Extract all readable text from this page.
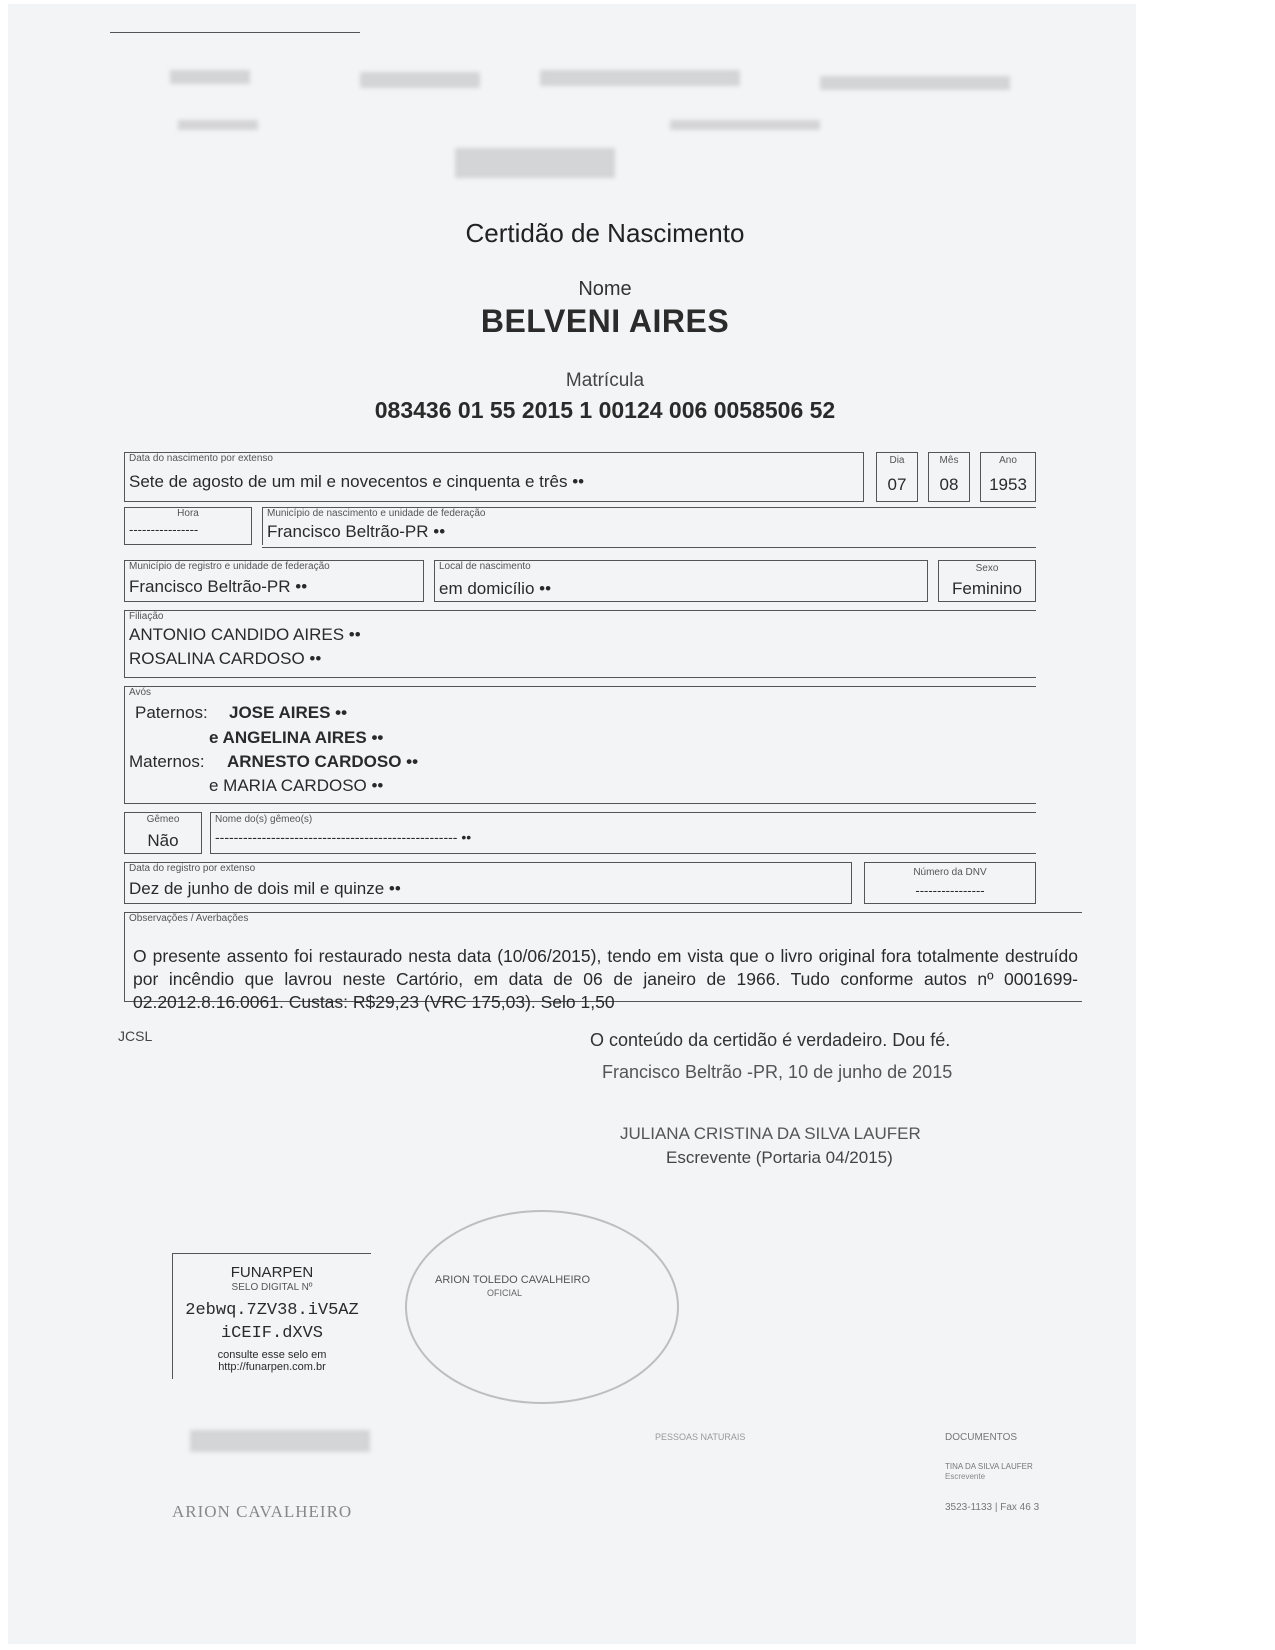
Certidão de Nascimento
Nome
BELVENI AIRES
Matrícula
083436 01 55 2015 1 00124 006 0058506 52
Data do nascimento por extenso
Sete de agosto de um mil e novecentos e cinquenta e três ••
Dia
07
Mês
08
Ano
1953
Hora
----------------
Município de nascimento e unidade de federação
Francisco Beltrão-PR ••
Município de registro e unidade de federação
Francisco Beltrão-PR ••
Local de nascimento
em domicílio ••
Sexo
Feminino
Filiação
ANTONIO CANDIDO AIRES ••
ROSALINA CARDOSO ••
Avós
Paternos: JOSE AIRES ••
e ANGELINA AIRES ••
Maternos: ARNESTO CARDOSO ••
e MARIA CARDOSO ••
Gêmeo
Não
Nome do(s) gêmeo(s)
---------------------------------------------------- ••
Data do registro por extenso
Dez de junho de dois mil e quinze ••
Número da DNV
----------------
Observações / Averbações
O presente assento foi restaurado nesta data (10/06/2015), tendo em vista que o livro original fora totalmente destruído por incêndio que lavrou neste Cartório, em data de 06 de janeiro de 1966. Tudo conforme autos nº 0001699-02.2012.8.16.0061. Custas: R$29,23 (VRC 175,03). Selo 1,50
JCSL	O conteúdo da certidão é verdadeiro. Dou fé.
Francisco Beltrão -PR, 10 de junho de 2015
JULIANA CRISTINA DA SILVA LAUFER
Escrevente (Portaria 04/2015)
FUNARPEN
SELO DIGITAL Nº
2ebwq.7ZV38.iV5AZ
iCEIF.dXVS
consulte esse selo em
http://funarpen.com.br
ARION TOLEDO CAVALHEIRO
OFICIAL
PESSOAS NATURAIS	DOCUMENTOS
TINA DA SILVA LAUFER
Escrevente
3523-1133 | Fax 46 3
ARION CAVALHEIRO
